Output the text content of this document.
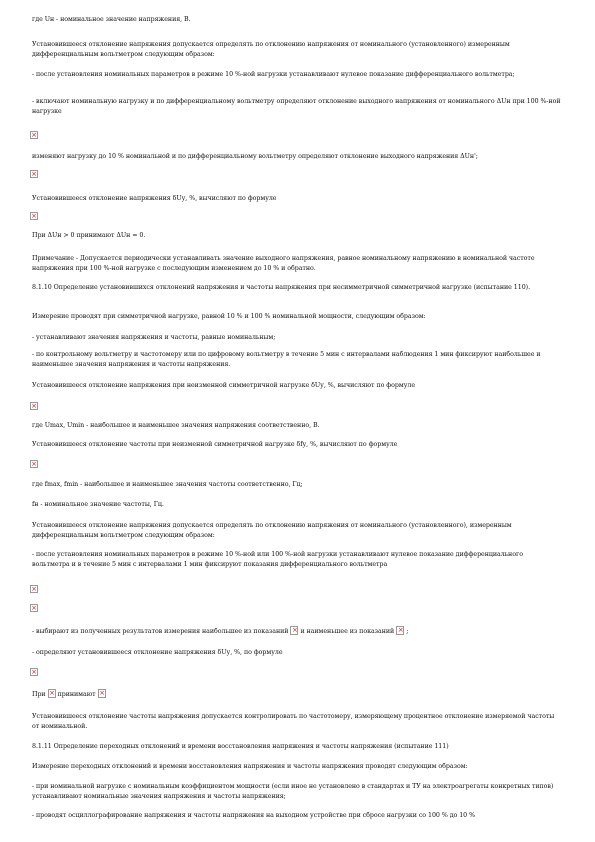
где Uн - номинальное значение напряжения, В.

Установившееся отклонение напряжения допускается определять по отклонению напряжения от номинального (установленного) измеренным дифференциальным вольтметром следующим образом:

- после установления номинальных параметров в режиме 10 %-ной нагрузки устанавливают нулевое показание дифференциального вольтметра;

- включают номинальную нагрузку и по дифференциальному вольтметру определяют отклонение выходного напряжения от номинального ΔUн при 100 %-ной нагрузке

×

изменяют нагрузку до 10 % номинальной и по дифференциальному вольтметру определяют отклонение выходного напряжения ΔUн';

×

Установившееся отклонение напряжения δUу, %, вычисляют по формуле

×

При ΔUн > 0 принимают ΔUн = 0.

Примечание - Допускается периодически устанавливать значение выходного напряжения, равное номинальному напряжению в номинальной частоте напряжения при 100 %-ной нагрузке с последующим изменением до 10 % и обратно.

8.1.10 Определение установившихся отклонений напряжения и частоты напряжения при несимметричной симметричной нагрузке (испытание 110).

Измерение проводят при симметричной нагрузке, равной 10 % и 100 % номинальной мощности, следующим образом:

- устанавливают значения напряжения и частоты, равные номинальным;

- по контрольному вольтметру и частотомеру или по цифровому вольтметру в течение 5 мин с интервалами наблюдения 1 мин фиксируют наибольшее и наименьшее значения напряжения и частоты напряжения.

Установившееся отклонение напряжения при неизменной симметричной нагрузке δUу, %, вычисляют по формуле

×

где Umax, Umin - наибольшее и наименьшее значения напряжения соответственно, В.

Установившееся отклонение частоты при неизменной симметричной нагрузке δfу, %, вычисляют по формуле

×

где fmax, fmin - наибольшее и наименьшее значения частоты соответственно, Гц;

fн - номинальное значение частоты, Гц.

Установившееся отклонение напряжения допускается определять по отклонению напряжения от номинального (установленного), измеренным дифференциальным вольтметром следующим образом:

- после установления номинальных параметров в режиме 10 %-ной или 100 %-ной нагрузки устанавливают нулевое показание дифференциального вольтметра и в течение 5 мин с интервалами 1 мин фиксируют показания дифференциального вольтметра

×
×

- выбирают из полученных результатов измерения наибольшее из показаний × и наименьшее из показаний × ;

- определяют установившееся отклонение напряжения δUу, %, по формуле

×

При × принимают×

Установившееся отклонение частоты напряжения допускается контролировать по частотомеру, измеряющему процентное отклонение измеряемой частоты от номинальной.

8.1.11 Определение переходных отклонений и времени восстановления напряжения и частоты напряжения (испытание 111)

Измерение переходных отклонений и времени восстановления напряжения и частоты напряжения проводят следующим образом:

- при номинальной нагрузке с номинальным коэффициентом мощности (если иное не установлено в стандартах и ТУ на электроагрегаты конкретных типов) устанавливают номинальные значения напряжения и частоты напряжения;

- проводят осциллографирование напряжения и частоты напряжения на выходном устройстве при сбросе нагрузки со 100 % до 10 %
